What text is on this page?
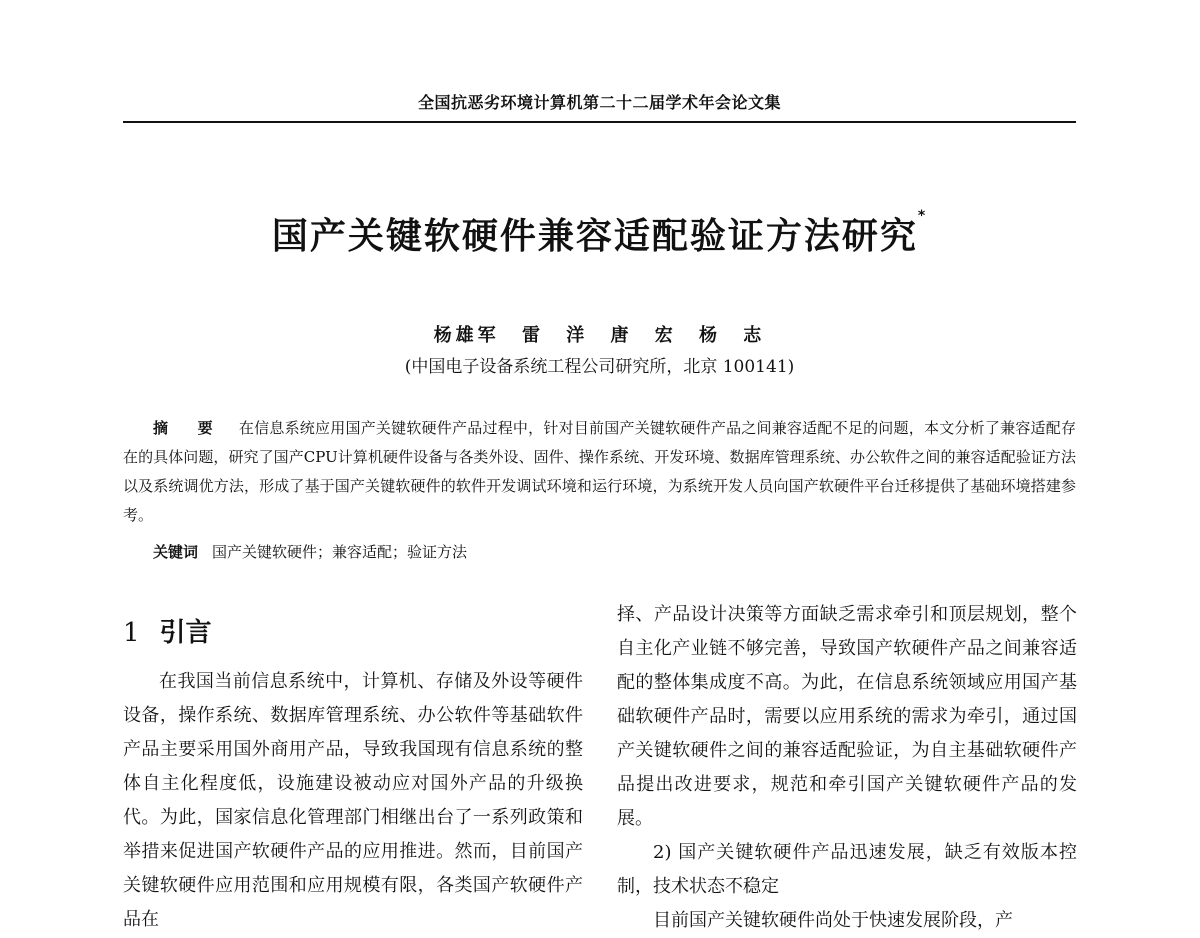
全国抗恶劣环境计算机第二十二届学术年会论文集
国产关键软硬件兼容适配验证方法研究*
杨雄军 雷 洋 唐 宏 杨 志
(中国电子设备系统工程公司研究所，北京 100141)
摘 要 在信息系统应用国产关键软硬件产品过程中，针对目前国产关键软硬件产品之间兼容适配不足的问题，本文分析了兼容适配存在的具体问题，研究了国产CPU计算机硬件设备与各类外设、固件、操作系统、开发环境、数据库管理系统、办公软件之间的兼容适配验证方法以及系统调优方法，形成了基于国产关键软硬件的软件开发调试环境和运行环境，为系统开发人员向国产软硬件平台迁移提供了基础环境搭建参考。
关键词 国产关键软硬件；兼容适配；验证方法
1 引言

在我国当前信息系统中，计算机、存储及外设等硬件设备，操作系统、数据库管理系统、办公软件等基础软件产品主要采用国外商用产品，导致我国现有信息系统的整体自主化程度低，设施建设被动应对国外产品的升级换代。为此，国家信息化管理部门相继出台了一系列政策和举措来促进国产软硬件产品的应用推进。然而，目前国产关键软硬件应用范围和应用规模有限，各类国产软硬件产品在

择、产品设计决策等方面缺乏需求牵引和顶层规划，整个自主化产业链不够完善，导致国产软硬件产品之间兼容适配的整体集成度不高。为此，在信息系统领域应用国产基础软硬件产品时，需要以应用系统的需求为牵引，通过国产关键软硬件之间的兼容适配验证，为自主基础软硬件产品提出改进要求，规范和牵引国产关键软硬件产品的发展。

2) 国产关键软硬件产品迅速发展，缺乏有效版本控制，技术状态不稳定

目前国产关键软硬件尚处于快速发展阶段，产
